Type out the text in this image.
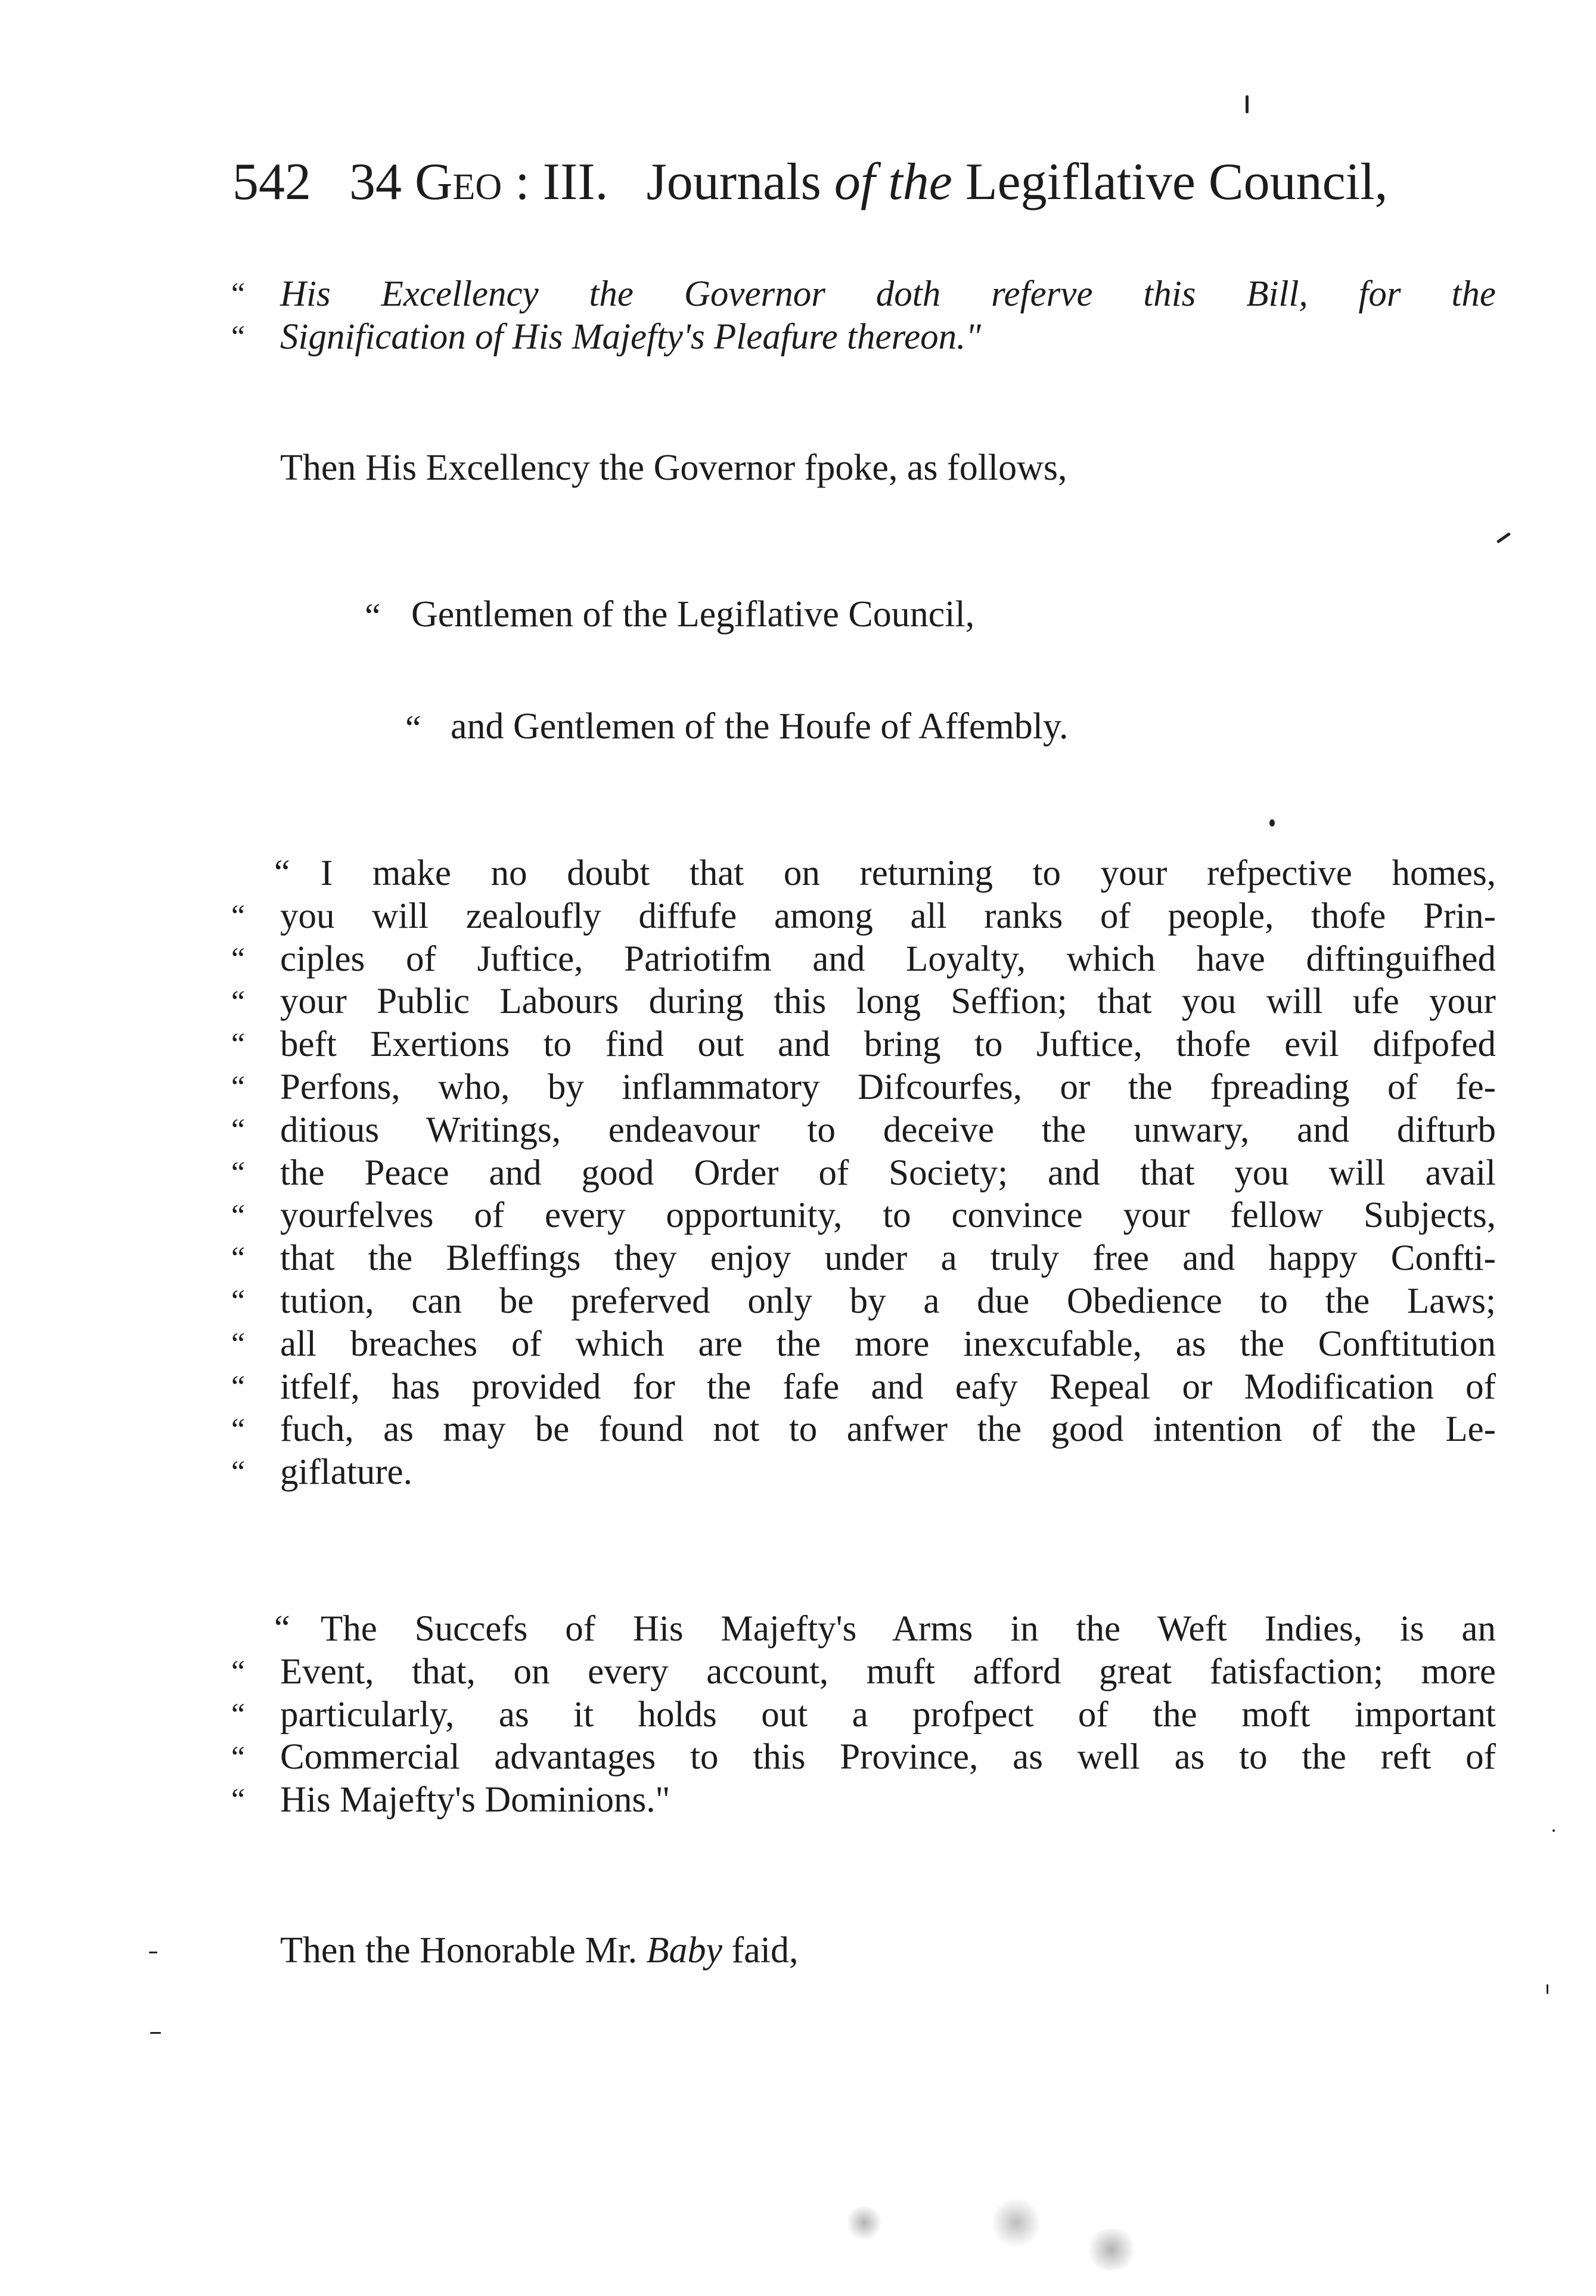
542 34 Geo : III. Journals of the Legiflative Council,
“
“
His Excellency the Governor doth referve this Bill, for the
Signification of His Majefty's Pleafure thereon."
Then His Excellency the Governor fpoke, as follows,
“ Gentlemen of the Legiflative Council,
“ and Gentlemen of the Houfe of Affembly.
“
“
“
“
“
“
“
“
“
“
“
“
“
“
“
I make no doubt that on returning to your refpective homes,
you will zealoufly diffufe among all ranks of people, thofe Prin-
ciples of Juftice, Patriotifm and Loyalty, which have diftinguifhed
your Public Labours during this long Seffion; that you will ufe your
beft Exertions to find out and bring to Juftice, thofe evil difpofed
Perfons, who, by inflammatory Difcourfes, or the fpreading of fe-
ditious Writings, endeavour to deceive the unwary, and difturb
the Peace and good Order of Society; and that you will avail
yourfelves of every opportunity, to convince your fellow Subjects,
that the Bleffings they enjoy under a truly free and happy Confti-
tution, can be preferved only by a due Obedience to the Laws;
all breaches of which are the more inexcufable, as the Conftitution
itfelf, has provided for the fafe and eafy Repeal or Modification of
fuch, as may be found not to anfwer the good intention of the Le-
giflature.
“
“
“
“
“
The Succefs of His Majefty's Arms in the Weft Indies, is an
Event, that, on every account, muft afford great fatisfaction; more
particularly, as it holds out a profpect of the moft important
Commercial advantages to this Province, as well as to the reft of
His Majefty's Dominions."
Then the Honorable Mr. Baby faid,
